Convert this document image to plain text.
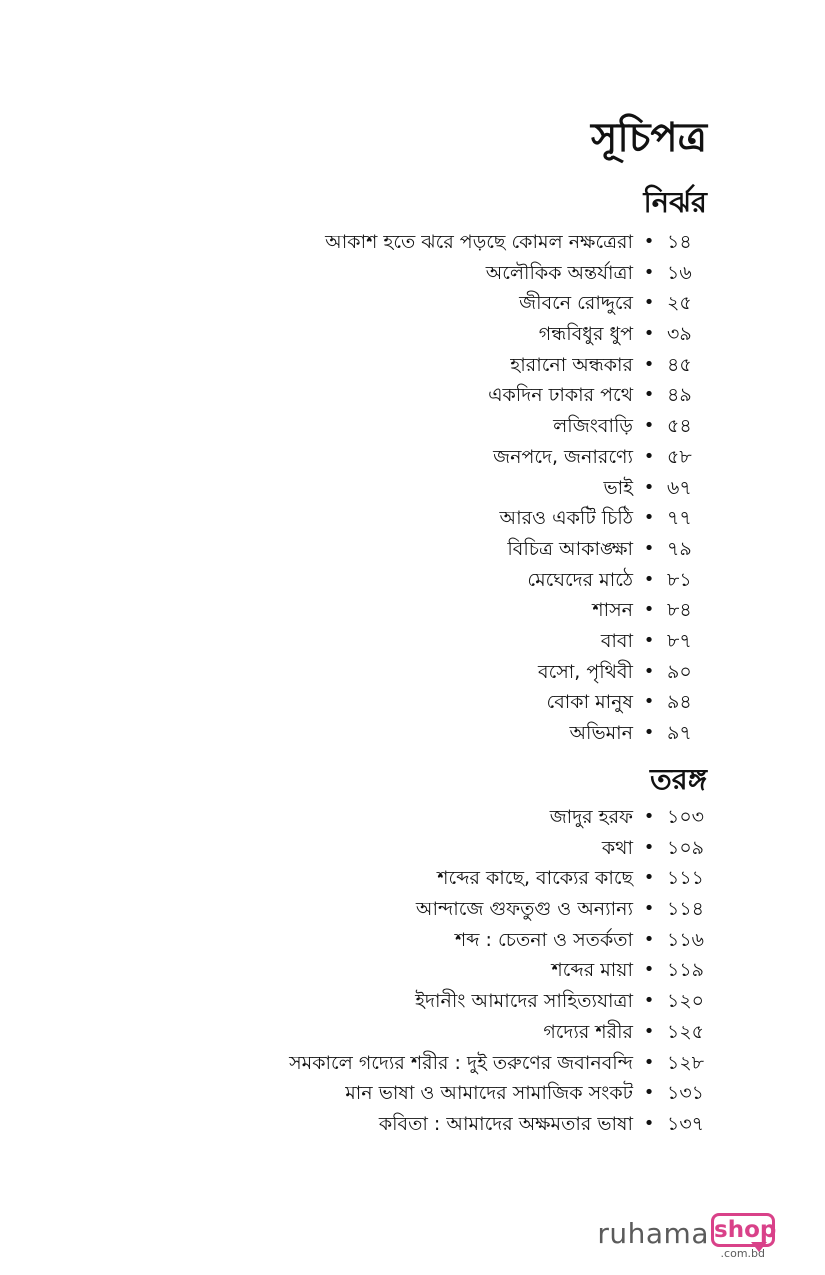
সূচিপত্র
নির্ঝর
আকাশ হতে ঝরে পড়ছে কোমল নক্ষত্রেরা • ১৪
অলৌকিক অন্তর্যাত্রা • ১৬
জীবনে রোদ্দুরে • ২৫
গন্ধবিধুর ধুপ • ৩৯
হারানো অন্ধকার • ৪৫
একদিন ঢাকার পথে • ৪৯
লজিংবাড়ি • ৫৪
জনপদে, জনারণ্যে • ৫৮
ভাই • ৬৭
আরও একটি চিঠি • ৭৭
বিচিত্র আকাঙ্ক্ষা • ৭৯
মেঘেদের মাঠে • ৮১
শাসন • ৮৪
বাবা • ৮৭
বসো, পৃথিবী • ৯০
বোকা মানুষ • ৯৪
অভিমান • ৯৭
তরঙ্গ
জাদুর হরফ • ১০৩
কথা • ১০৯
শব্দের কাছে, বাক্যের কাছে • ১১১
আন্দাজে গুফতুগু ও অন্যান্য • ১১৪
শব্দ : চেতনা ও সতর্কতা • ১১৬
শব্দের মায়া • ১১৯
ইদানীং আমাদের সাহিত্যযাত্রা • ১২০
গদ্যের শরীর • ১২৫
সমকালে গদ্যের শরীর : দুই তরুণের জবানবন্দি • ১২৮
মান ভাষা ও আমাদের সামাজিক সংকট • ১৩১
কবিতা : আমাদের অক্ষমতার ভাষা • ১৩৭
ruhama shop
.com.bd
